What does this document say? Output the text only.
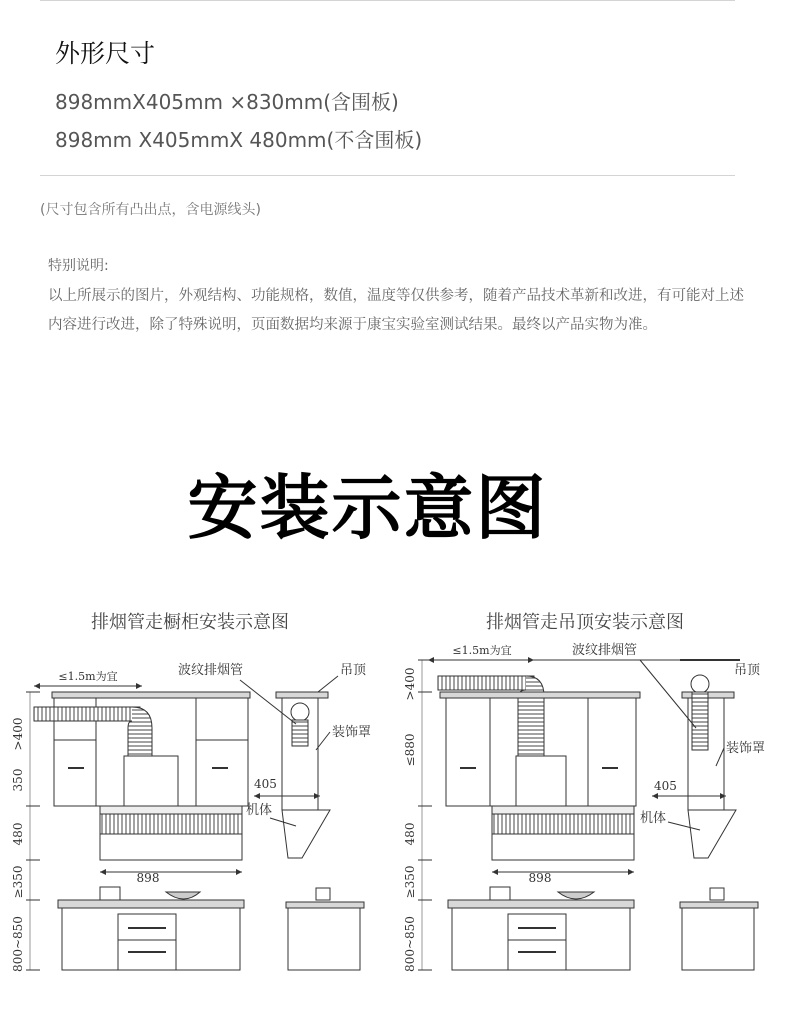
外形尺寸
898mmX405mm ×830mm(含围板)
898mm X405mmX 480mm(不含围板)
(尺寸包含所有凸出点，含电源线头)
特别说明:
以上所展示的图片，外观结构、功能规格，数值，温度等仅供参考，随着产品技术革新和改进，有可能对上述内容进行改进，除了特殊说明，页面数据均来源于康宝实验室测试结果。最终以产品实物为准。
安装示意图
排烟管走橱柜安装示意图
≤1.5m为宜
898
>400
350
480
≥350
800~850
波纹排烟管	吊顶
装饰罩
405
机体
排烟管走吊顶安装示意图
≤1.5m为宜
898
>400
≤880
480
≥350
800~850
波纹排烟管
吊顶
装饰罩
405
机体
